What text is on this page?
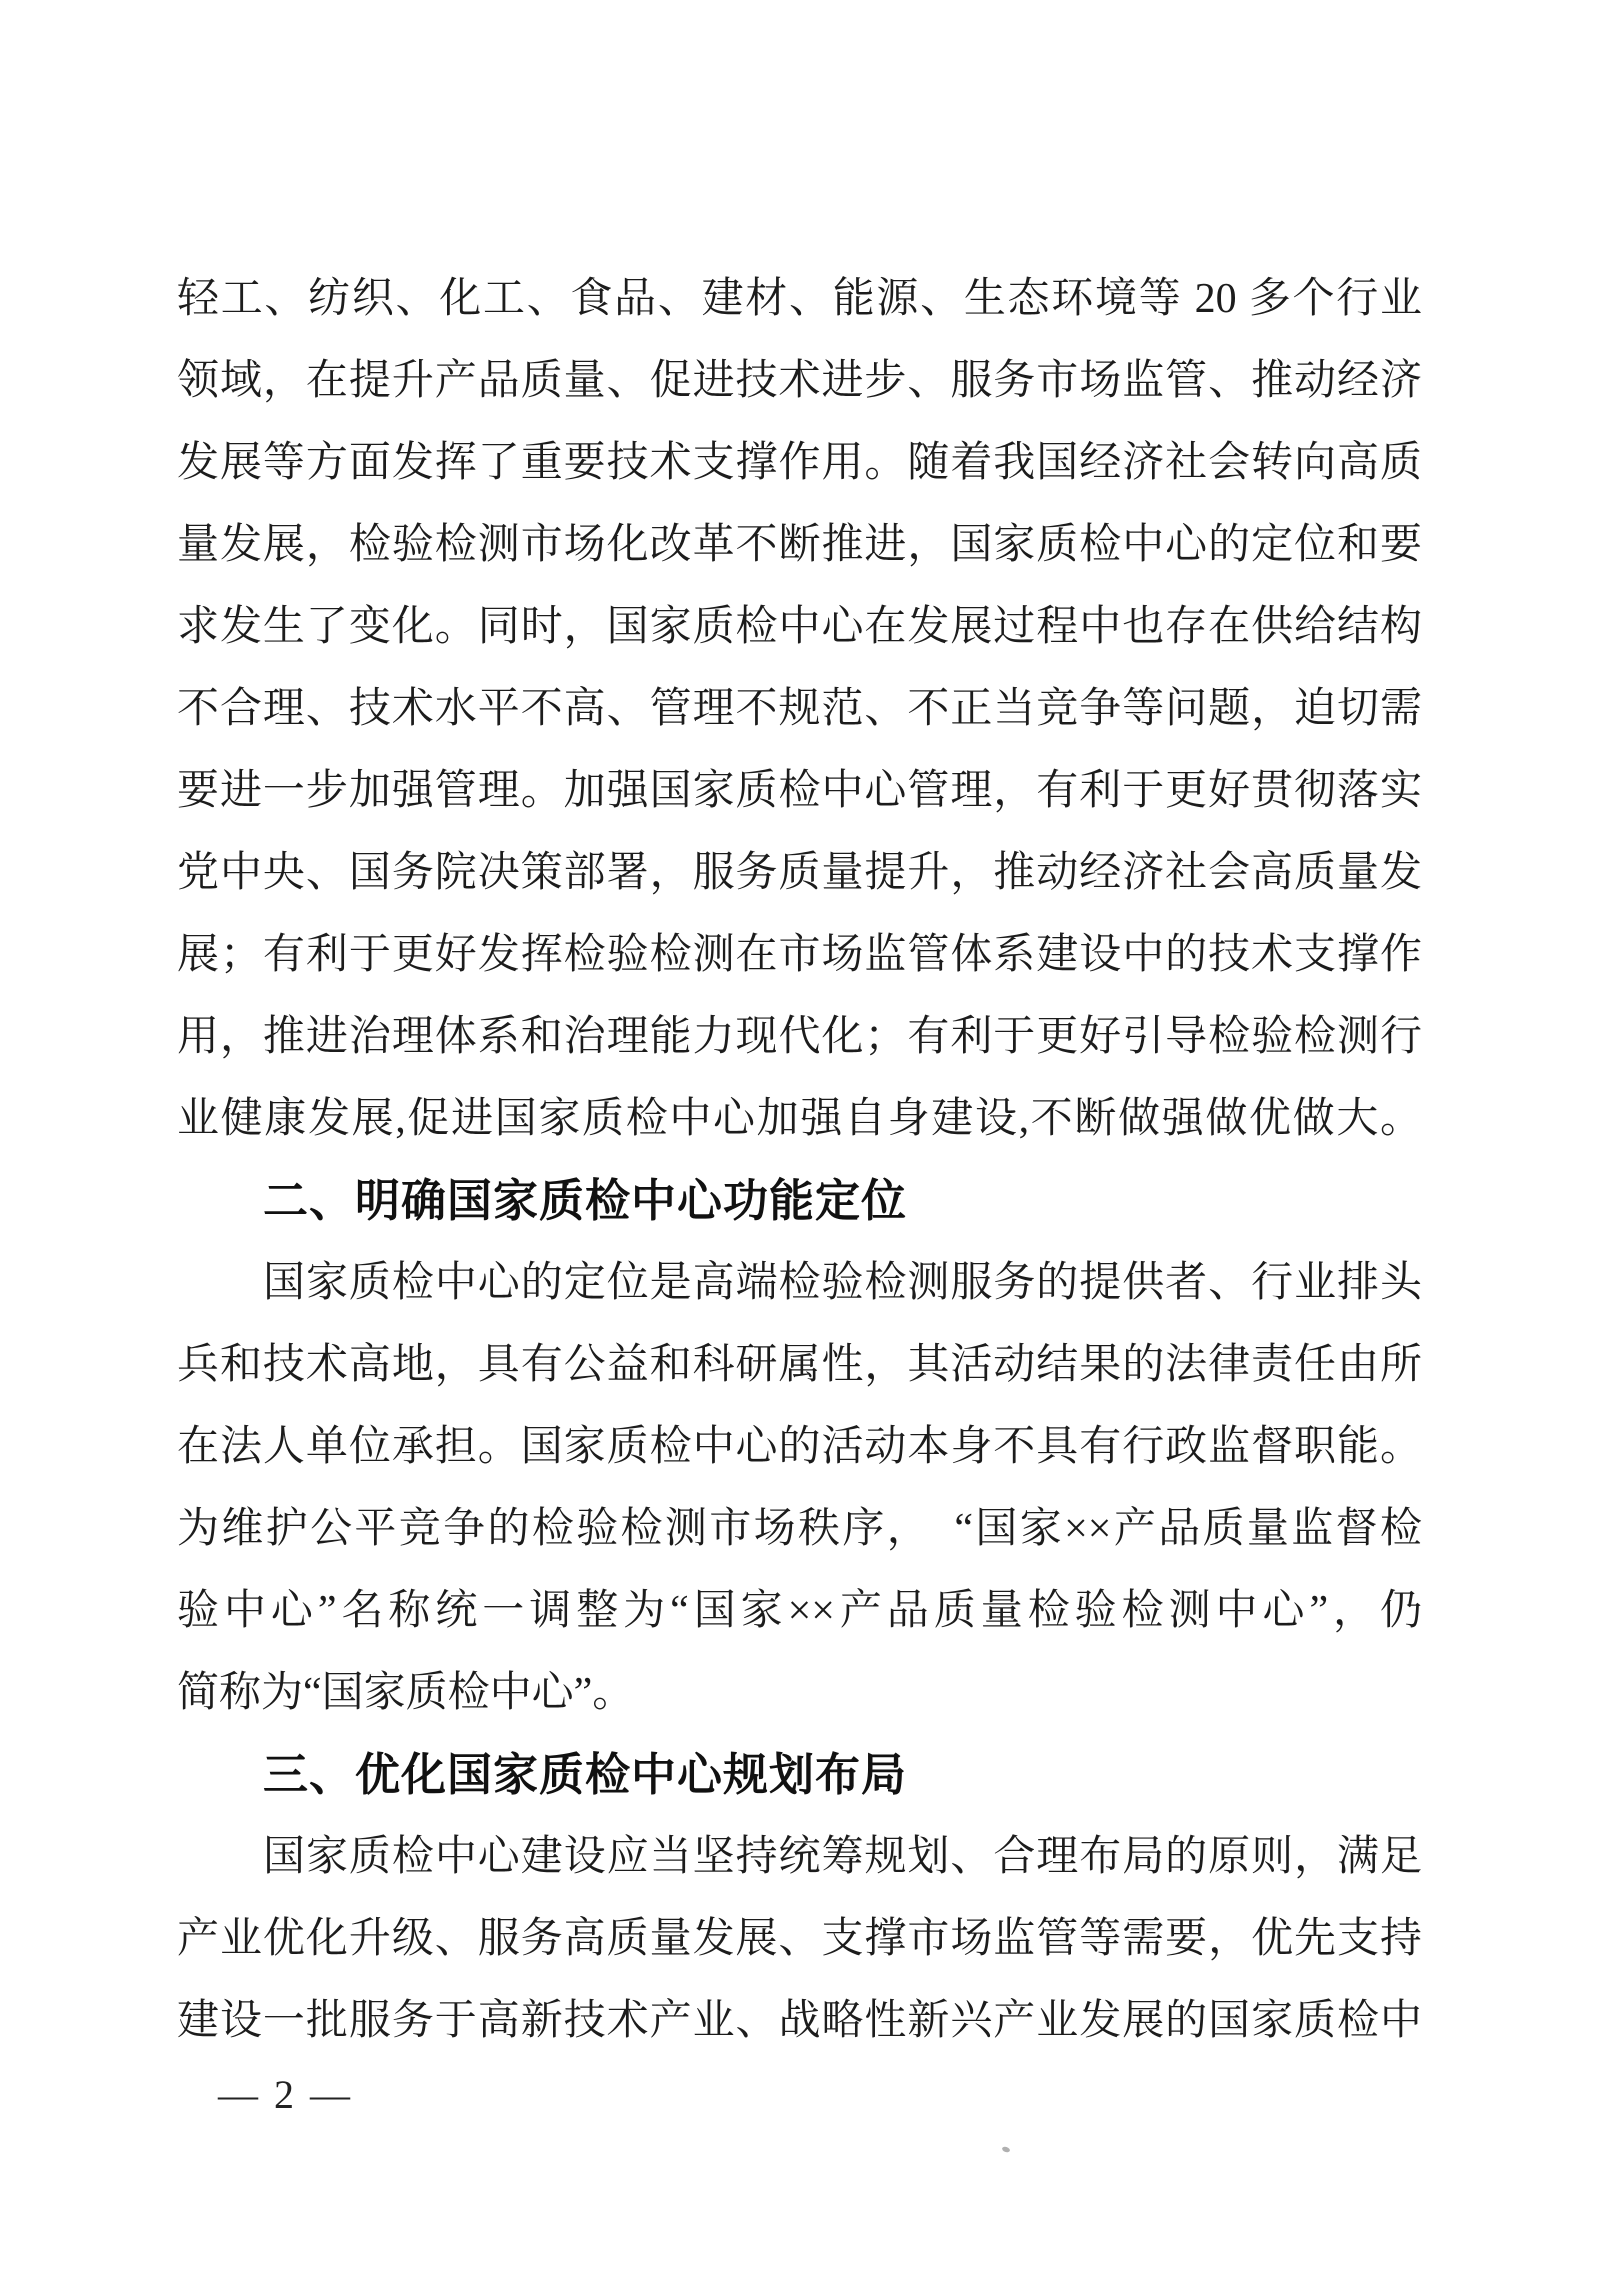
轻工、纺织、化工、食品、建材、能源、生态环境等 20 多个行业
领域，在提升产品质量、促进技术进步、服务市场监管、推动经济
发展等方面发挥了重要技术支撑作用。随着我国经济社会转向高质
量发展，检验检测市场化改革不断推进，国家质检中心的定位和要
求发生了变化。同时，国家质检中心在发展过程中也存在供给结构
不合理、技术水平不高、管理不规范、不正当竞争等问题，迫切需
要进一步加强管理。加强国家质检中心管理，有利于更好贯彻落实
党中央、国务院决策部署，服务质量提升，推动经济社会高质量发
展；有利于更好发挥检验检测在市场监管体系建设中的技术支撑作
用，推进治理体系和治理能力现代化；有利于更好引导检验检测行
业健康发展,促进国家质检中心加强自身建设,不断做强做优做大。
二、明确国家质检中心功能定位
国家质检中心的定位是高端检验检测服务的提供者、行业排头
兵和技术高地，具有公益和科研属性，其活动结果的法律责任由所
在法人单位承担。国家质检中心的活动本身不具有行政监督职能。
为维护公平竞争的检验检测市场秩序，　“国家××产品质量监督检
验中心”名称统一调整为“国家××产品质量检验检测中心”，仍
简称为“国家质检中心”。
三、优化国家质检中心规划布局
国家质检中心建设应当坚持统筹规划、合理布局的原则，满足
产业优化升级、服务高质量发展、支撑市场监管等需要，优先支持
建设一批服务于高新技术产业、战略性新兴产业发展的国家质检中
— 2 —
